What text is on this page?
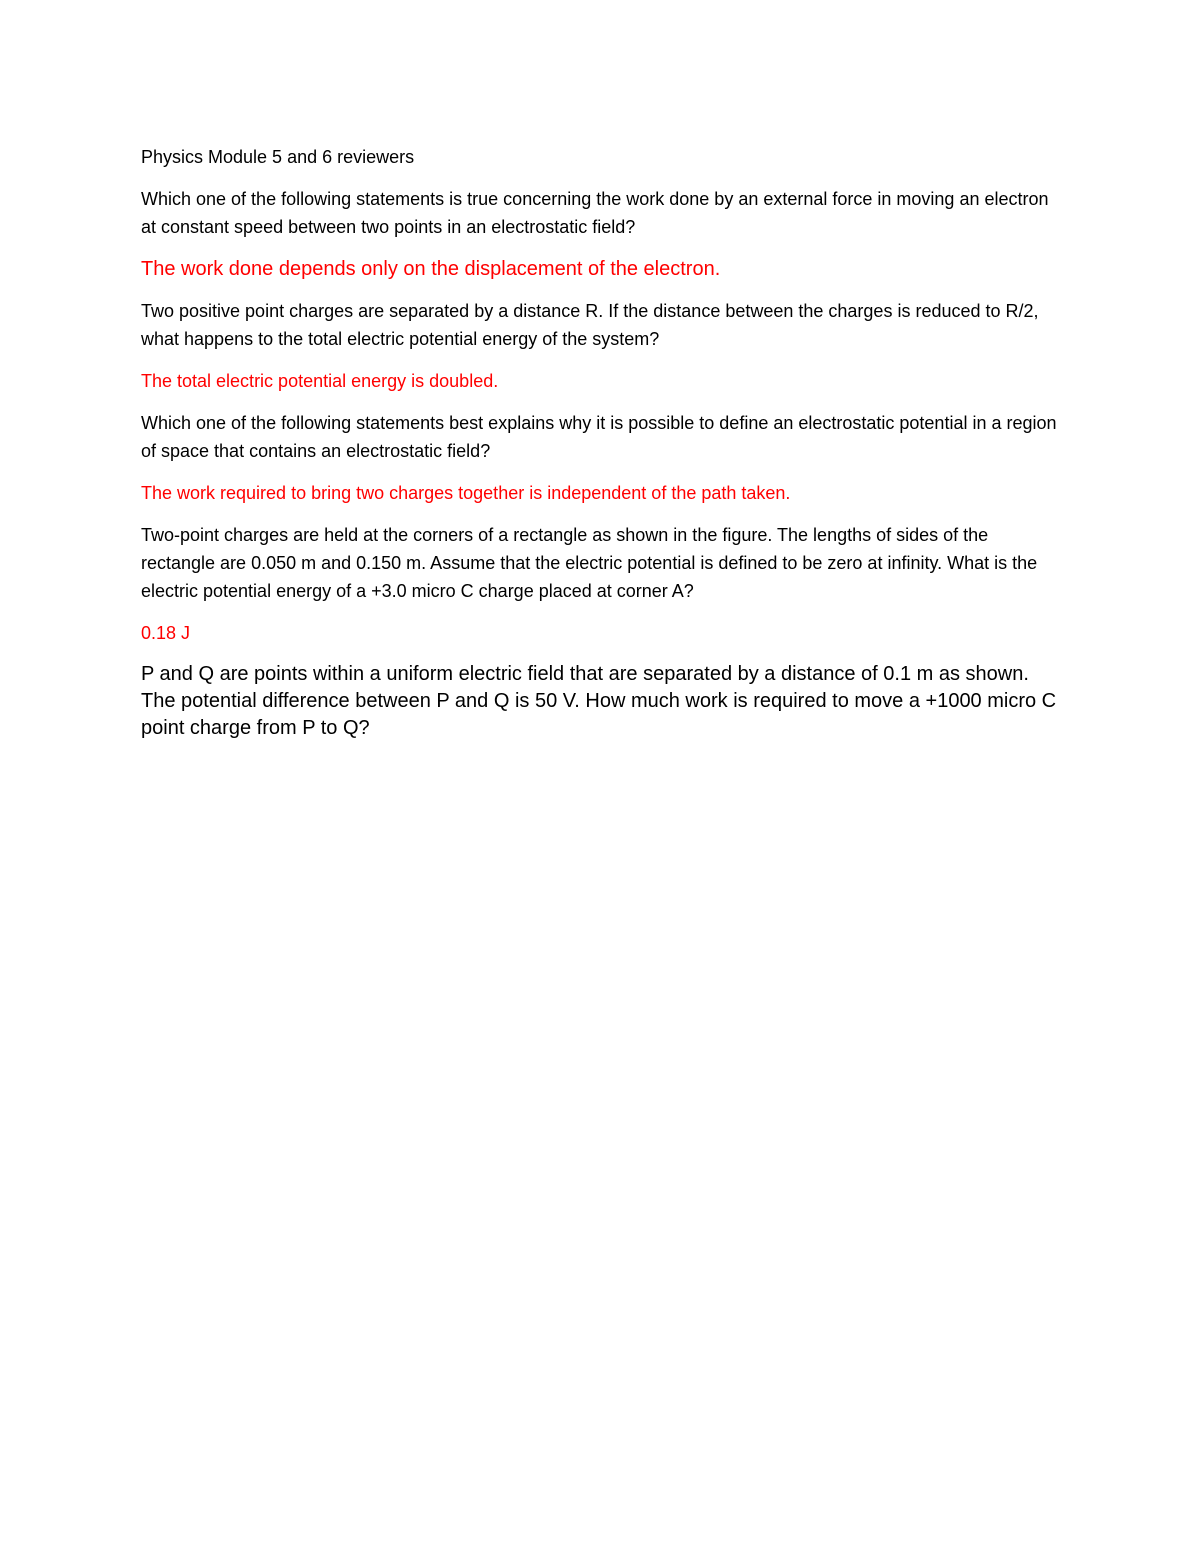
Physics Module 5 and 6 reviewers

Which one of the following statements is true concerning the work done by an external force in moving an electron at constant speed between two points in an electrostatic field?

The work done depends only on the displacement of the electron.

Two positive point charges are separated by a distance R. If the distance between the charges is reduced to R/2, what happens to the total electric potential energy of the system?

The total electric potential energy is doubled.

Which one of the following statements best explains why it is possible to define an electrostatic potential in a region of space that contains an electrostatic field?

The work required to bring two charges together is independent of the path taken.

Two-point charges are held at the corners of a rectangle as shown in the figure. The lengths of sides of the rectangle are 0.050 m and 0.150 m. Assume that the electric potential is defined to be zero at infinity. What is the electric potential energy of a +3.0 micro C charge placed at corner A?

0.18 J

P and Q are points within a uniform electric field that are separated by a distance of 0.1 m as shown. The potential difference between P and Q is 50 V. How much work is required to move a +1000 micro C point charge from P to Q?
